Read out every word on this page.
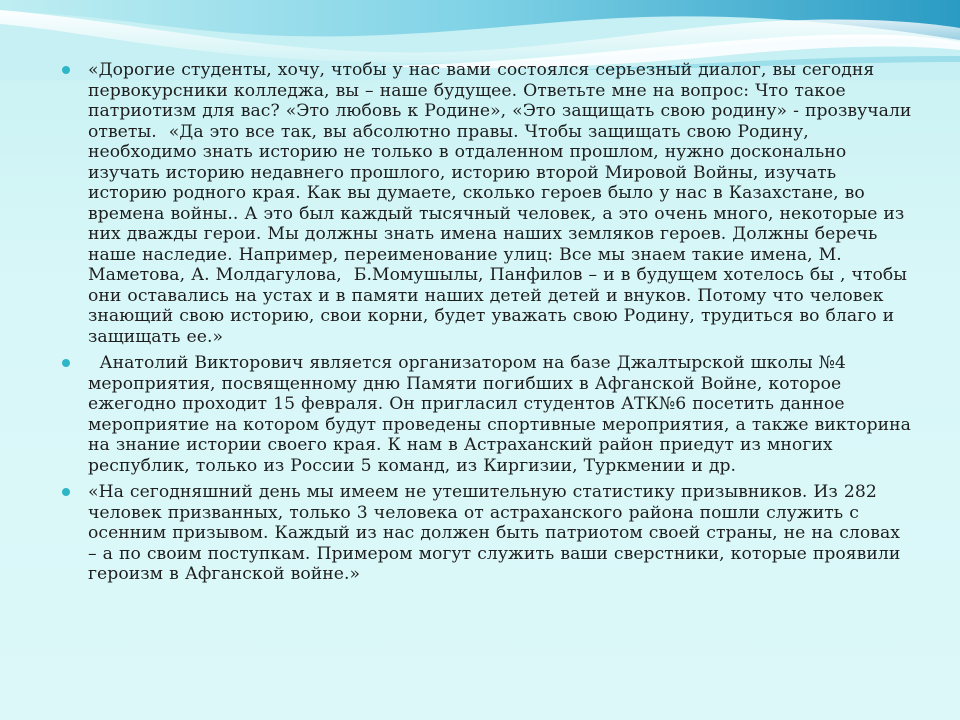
«Дорогие студенты, хочу, чтобы у нас вами состоялся серьезный диалог, вы сегодня первокурсники колледжа, вы – наше будущее. Ответьте мне на вопрос: Что такое патриотизм для вас? «Это любовь к Родине», «Это защищать свою родину» - прозвучали ответы.  «Да это все так, вы абсолютно правы. Чтобы защищать свою Родину, необходимо знать историю не только в отдаленном прошлом, нужно досконально изучать историю недавнего прошлого, историю второй Мировой Войны, изучать историю родного края. Как вы думаете, сколько героев было у нас в Казахстане, во времена войны.. А это был каждый тысячный человек, а это очень много, некоторые из них дважды герои. Мы должны знать имена наших земляков героев. Должны беречь наше наследие. Например, переименование улиц: Все мы знаем такие имена, М. Маметова, А. Молдагулова,  Б.Момушылы, Панфилов – и в будущем хотелось бы , чтобы они оставались на устах и в памяти наших детей детей и внуков. Потому что человек знающий свою историю, свои корни, будет уважать свою Родину, трудиться во благо и защищать ее.»
Анатолий Викторович является организатором на базе Джалтырской школы №4 мероприятия, посвященному дню Памяти погибших в Афганской Войне, которое ежегодно проходит 15 февраля. Он пригласил студентов АТК№6 посетить данное мероприятие на котором будут проведены спортивные мероприятия, а также викторина на знание истории своего края. К нам в Астраханский район приедут из многих республик, только из России 5 команд, из Киргизии, Туркмении и др.
«На сегодняшний день мы имеем не утешительную статистику призывников. Из 282 человек призванных, только 3 человека от астраханского района пошли служить с осенним призывом. Каждый из нас должен быть патриотом своей страны, не на словах – а по своим поступкам. Примером могут служить ваши сверстники, которые проявили героизм в Афганской войне.»
